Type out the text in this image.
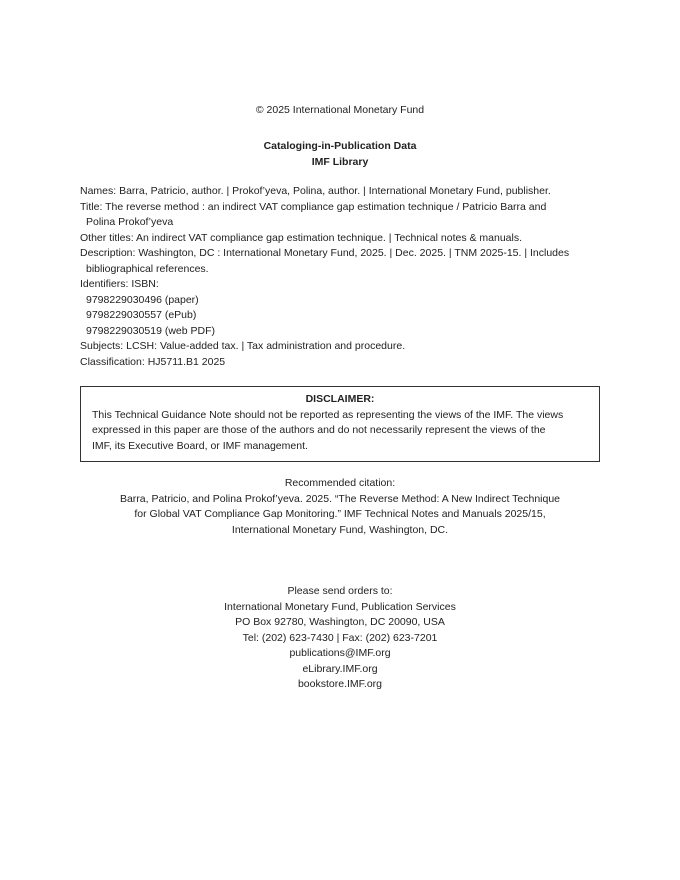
© 2025 International Monetary Fund
Cataloging-in-Publication Data
IMF Library
Names: Barra, Patricio, author. | Prokof’yeva, Polina, author. | International Monetary Fund, publisher.
Title: The reverse method : an indirect VAT compliance gap estimation technique / Patricio Barra and
Polina Prokof’yeva
Other titles: An indirect VAT compliance gap estimation technique. | Technical notes & manuals.
Description: Washington, DC : International Monetary Fund, 2025. | Dec. 2025. | TNM 2025-15. | Includes
bibliographical references.
Identifiers: ISBN:
9798229030496 (paper)
9798229030557 (ePub)
9798229030519 (web PDF)
Subjects: LCSH: Value-added tax. | Tax administration and procedure.
Classification: HJ5711.B1 2025
DISCLAIMER:
This Technical Guidance Note should not be reported as representing the views of the IMF. The views
expressed in this paper are those of the authors and do not necessarily represent the views of the
IMF, its Executive Board, or IMF management.
Recommended citation:
Barra, Patricio, and Polina Prokof’yeva. 2025. “The Reverse Method: A New Indirect Technique
for Global VAT Compliance Gap Monitoring.” IMF Technical Notes and Manuals 2025/15,
International Monetary Fund, Washington, DC.
Please send orders to:
International Monetary Fund, Publication Services
PO Box 92780, Washington, DC 20090, USA
Tel: (202) 623-7430 | Fax: (202) 623-7201
publications@IMF.org
eLibrary.IMF.org
bookstore.IMF.org
